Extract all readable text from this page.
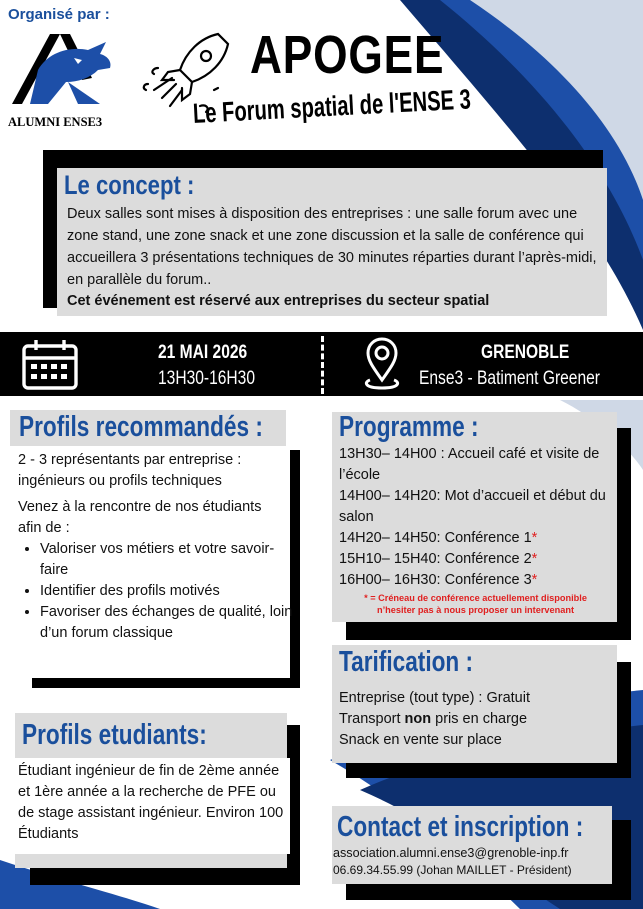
Organisé par :
ALUMNI ENSE3
APOGEE
Le Forum spatial de l'ENSE 3
Le concept :
Deux salles sont mises à disposition des entreprises : une salle forum avec une zone stand, une zone snack et une zone discussion et la salle de conférence qui accueillera 3 présentations techniques de 30 minutes réparties durant l’après-midi, en parallèle du forum..
Cet événement est réservé aux entreprises du secteur spatial
21 MAI 2026
13H30-16H30
GRENOBLE
Ense3 - Batiment Greener
Profils recommandés :
2 - 3 représentants par entreprise : ingénieurs ou profils techniques
Venez à la rencontre de nos étudiants afin de :
• Valoriser vos métiers et votre savoir-faire
• Identifier des profils motivés
• Favoriser des échanges de qualité, loin d’un forum classique
Profils etudiants:
Étudiant ingénieur de fin de 2ème année et 1ère année a la recherche de PFE ou de stage assistant ingénieur. Environ 100 Étudiants
Programme :
13H30– 14H00 : Accueil café et visite de l’école
14H00– 14H20: Mot d’accueil et début du salon
14H20– 14H50: Conférence 1*
15H10– 15H40: Conférence 2*
16H00– 16H30: Conférence 3*
* = Créneau de conférence actuellement disponible
n’hesiter pas à nous proposer un intervenant
Tarification :
Entreprise (tout type) : Gratuit
Transport non pris en charge
Snack en vente sur place
Contact et inscription :
association.alumni.ense3@grenoble-inp.fr
06.69.34.55.99 (Johan MAILLET - Président)
